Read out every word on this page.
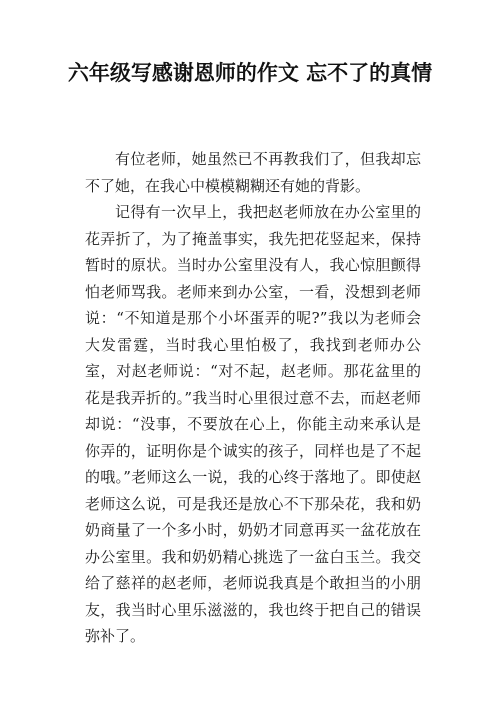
六年级写感谢恩师的作文 忘不了的真情

有位老师，她虽然已不再教我们了，但我却忘不了她，在我心中模模糊糊还有她的背影。

记得有一次早上，我把赵老师放在办公室里的花弄折了，为了掩盖事实，我先把花竖起来，保持暂时的原状。当时办公室里没有人，我心惊胆颤得怕老师骂我。老师来到办公室，一看，没想到老师说：“不知道是那个小坏蛋弄的呢?”我以为老师会大发雷霆，当时我心里怕极了，我找到老师办公室，对赵老师说：“对不起，赵老师。那花盆里的花是我弄折的。”我当时心里很过意不去，而赵老师却说：“没事，不要放在心上，你能主动来承认是你弄的，证明你是个诚实的孩子，同样也是了不起的哦。”老师这么一说，我的心终于落地了。即使赵老师这么说，可是我还是放心不下那朵花，我和奶奶商量了一个多小时，奶奶才同意再买一盆花放在办公室里。我和奶奶精心挑选了一盆白玉兰。我交给了慈祥的赵老师，老师说我真是个敢担当的小朋友，我当时心里乐滋滋的，我也终于把自己的错误弥补了。
